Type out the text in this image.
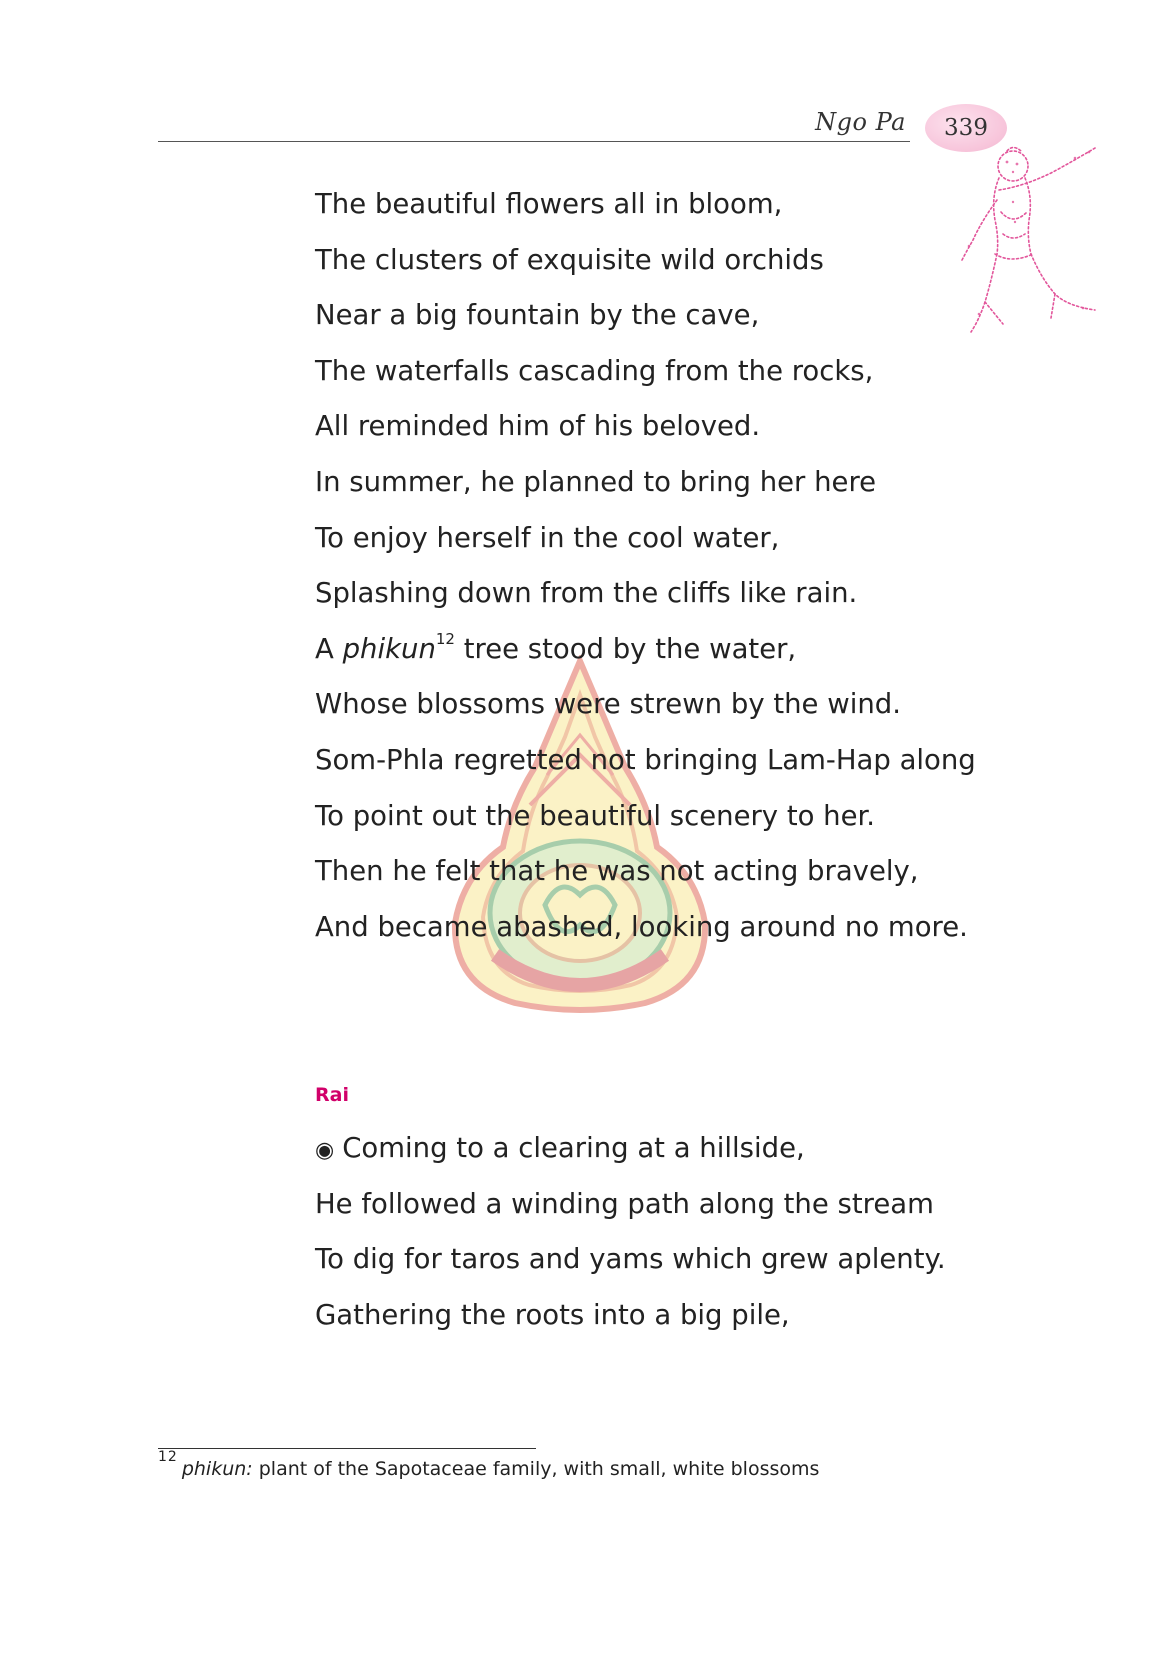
Ngo Pa 339
The beautiful flowers all in bloom,
The clusters of exquisite wild orchids
Near a big fountain by the cave,
The waterfalls cascading from the rocks,
All reminded him of his beloved.
In summer, he planned to bring her here
To enjoy herself in the cool water,
Splashing down from the cliffs like rain.
A phikun$^{12}$ tree stood by the water,
Whose blossoms were strewn by the wind.
Som-Phla regretted not bringing Lam-Hap along
To point out the beautiful scenery to her.
Then he felt that he was not acting bravely,
And became abashed, looking around no more.
Rai
◉ Coming to a clearing at a hillside,
He followed a winding path along the stream
To dig for taros and yams which grew aplenty.
Gathering the roots into a big pile,
12phikun: plant of the Sapotaceae family, with small, white blossoms
